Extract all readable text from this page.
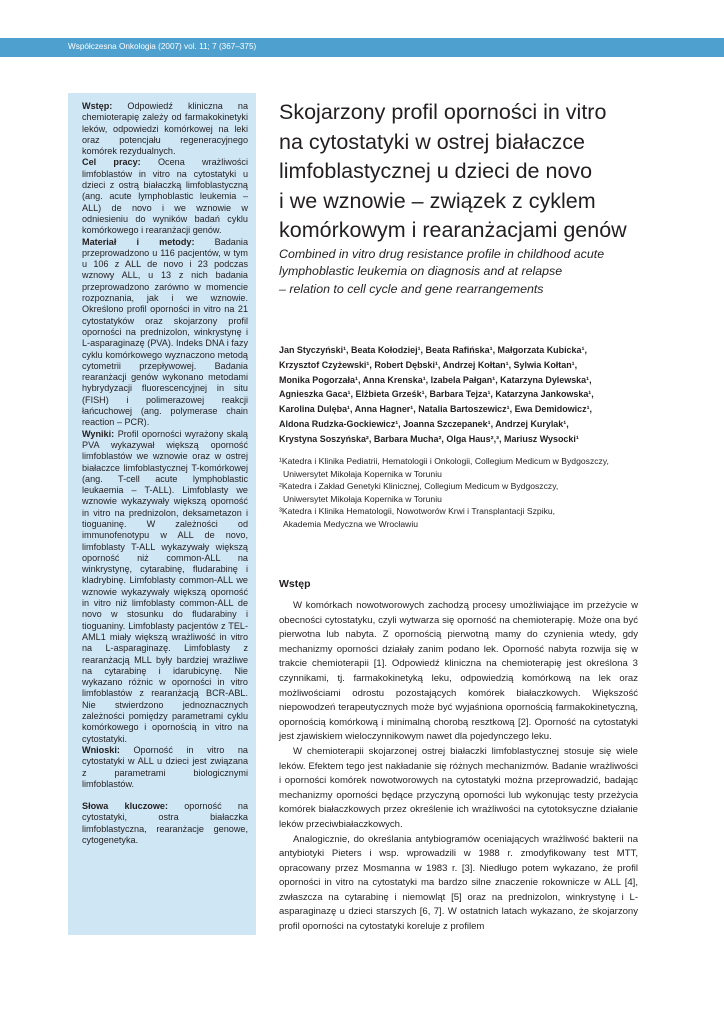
Współczesna Onkologia (2007) vol. 11; 7 (367–375)

Wstęp: Odpowiedź kliniczna na chemioterapię zależy od farmakokinetyki leków, odpowiedzi komórkowej na leki oraz potencjału regeneracyjnego komórek rezydualnych.

Cel pracy: Ocena wrażliwości limfoblastów in vitro na cytostatyki u dzieci z ostrą białaczką limfoblastyczną (ang. acute lymphoblastic leukemia – ALL) de novo i we wznowie w odniesieniu do wyników badań cyklu komórkowego i rearanżacji genów.

Materiał i metody: Badania przeprowadzono u 116 pacjentów, w tym u 106 z ALL de novo i 23 podczas wznowy ALL, u 13 z nich badania przeprowadzono zarówno w momencie rozpoznania, jak i we wznowie. Określono profil oporności in vitro na 21 cytostatyków oraz skojarzony profil oporności na prednizolon, winkrystynę i L-asparaginazę (PVA). Indeks DNA i fazy cyklu komórkowego wyznaczono metodą cytometrii przepływowej. Badania rearanżacji genów wykonano metodami hybrydyzacji fluorescencyjnej in situ (FISH) i polimerazowej reakcji łańcuchowej (ang. polymerase chain reaction – PCR).

Wyniki: Profil oporności wyrażony skalą PVA wykazywał większą oporność limfoblastów we wznowie oraz w ostrej białaczce limfoblastycznej T-komórkowej (ang. T-cell acute lymphoblastic leukaemia – T-ALL). Limfoblasty we wznowie wykazywały większą oporność in vitro na prednizolon, deksametazon i tioguaninę. W zależności od immunofenotypu w ALL de novo, limfoblasty T-ALL wykazywały większą oporność niż common-ALL na winkrystynę, cytarabinę, fludarabinę i kladrybinę. Limfoblasty common-ALL we wznowie wykazywały większą oporność in vitro niż limfoblasty common-ALL de novo w stosunku do fludarabiny i tioguaniny. Limfoblasty pacjentów z TEL-AML1 miały większą wrażliwość in vitro na L-asparaginazę. Limfoblasty z rearanżacją MLL były bardziej wrażliwe na cytarabinę i idarubicynę. Nie wykazano różnic w oporności in vitro limfoblastów z rearanżacją BCR-ABL. Nie stwierdzono jednoznacznych zależności pomiędzy parametrami cyklu komórkowego i opornością in vitro na cytostatyki.

Wnioski: Oporność in vitro na cytostatyki w ALL u dzieci jest związana z parametrami biologicznymi limfoblastów.

Słowa kluczowe: oporność na cytostatyki, ostra białaczka limfoblastyczna, rearanżacje genowe, cytogenetyka.

Skojarzony profil oporności in vitro
na cytostatyki w ostrej białaczce
limfoblastycznej u dzieci de novo
i we wznowie – związek z cyklem
komórkowym i rearanżacjami genów
Combined in vitro drug resistance profile in childhood acute
lymphoblastic leukemia on diagnosis and at relapse
– relation to cell cycle and gene rearrangements
Jan Styczyński¹, Beata Kołodziej¹, Beata Rafińska¹, Małgorzata Kubicka¹,
Krzysztof Czyżewski¹, Robert Dębski¹, Andrzej Kołtan¹, Sylwia Kołtan¹,
Monika Pogorzała¹, Anna Krenska¹, Izabela Pałgan¹, Katarzyna Dylewska¹,
Agnieszka Gaca¹, Elżbieta Grześk¹, Barbara Tejza¹, Katarzyna Jankowska¹,
Karolina Dulęba¹, Anna Hagner¹, Natalia Bartoszewicz¹, Ewa Demidowicz¹,
Aldona Rudzka-Gockiewicz¹, Joanna Szczepanek¹, Andrzej Kurylak¹,
Krystyna Soszyńska², Barbara Mucha², Olga Haus²,³, Mariusz Wysocki¹
¹Katedra i Klinika Pediatrii, Hematologii i Onkologii, Collegium Medicum w Bydgoszczy,
Uniwersytet Mikołaja Kopernika w Toruniu
²Katedra i Zakład Genetyki Klinicznej, Collegium Medicum w Bydgoszczy,
Uniwersytet Mikołaja Kopernika w Toruniu
³Katedra i Klinika Hematologii, Nowotworów Krwi i Transplantacji Szpiku,
Akademia Medyczna we Wrocławiu
Wstęp

W komórkach nowotworowych zachodzą procesy umożliwiające im przeżycie w obecności cytostatyku, czyli wytwarza się oporność na chemioterapię. Może ona być pierwotna lub nabyta. Z opornością pierwotną mamy do czynienia wtedy, gdy mechanizmy oporności działały zanim podano lek. Oporność nabyta rozwija się w trakcie chemioterapii [1]. Odpowiedź kliniczna na chemioterapię jest określona 3 czynnikami, tj. farmakokinetyką leku, odpowiedzią komórkową na lek oraz możliwościami odrostu pozostających komórek białaczkowych. Większość niepowodzeń terapeutycznych może być wyjaśniona opornością farmakokinetyczną, opornością komórkową i minimalną chorobą resztkową [2]. Oporność na cytostatyki jest zjawiskiem wieloczynnikowym nawet dla pojedynczego leku.

W chemioterapii skojarzonej ostrej białaczki limfoblastycznej stosuje się wiele leków. Efektem tego jest nakładanie się różnych mechanizmów. Badanie wrażliwości i oporności komórek nowotworowych na cytostatyki można przeprowadzić, badając mechanizmy oporności będące przyczyną oporności lub wykonując testy przeżycia komórek białaczkowych przez określenie ich wrażliwości na cytotoksyczne działanie leków przeciwbiałaczkowych.

Analogicznie, do określania antybiogramów oceniających wrażliwość bakterii na antybiotyki Pieters i wsp. wprowadzili w 1988 r. zmodyfikowany test MTT, opracowany przez Mosmanna w 1983 r. [3]. Niedługo potem wykazano, że profil oporności in vitro na cytostatyki ma bardzo silne znaczenie rokownicze w ALL [4], zwłaszcza na cytarabinę i niemowląt [5] oraz na prednizolon, winkrystynę i L-asparaginazę u dzieci starszych [6, 7]. W ostatnich latach wykazano, że skojarzony profil oporności na cytostatyki koreluje z profilem
